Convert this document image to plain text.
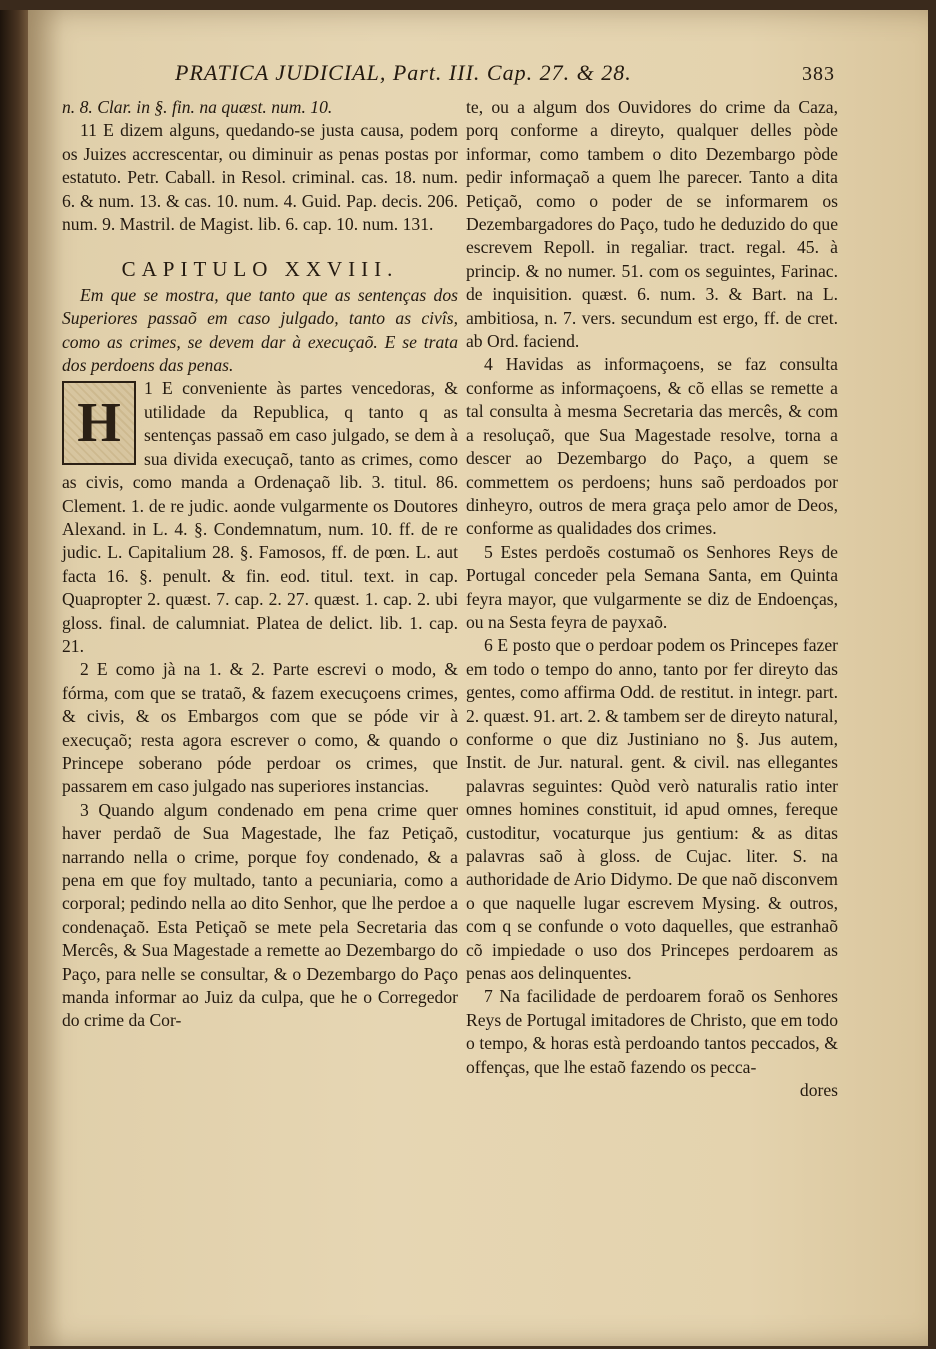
PRATICA JUDICIAL, Part. III. Cap. 27. & 28.	383

n. 8. Clar. in §. fin. na quæst. num. 10.

11 E dizem alguns, quedando-se justa causa, podem os Juizes accrescentar, ou diminuir as penas postas por estatuto. Petr. Caball. in Resol. criminal. cas. 18. num. 6. & num. 13. & cas. 10. num. 4. Guid. Pap. decis. 206. num. 9. Mastril. de Magist. lib. 6. cap. 10. num. 131.

CAPITULO XXVIII.

Em que se mostra, que tanto que as sentenças dos Superiores passaõ em caso julgado, tanto as civîs, como as crimes, se devem dar à execuçaõ. E se trata dos perdoens das penas.

H

1 E conveniente às partes vencedoras, & utilidade da Republica, q tanto q as sentenças passaõ em caso julgado, se dem à sua divida execuçaõ, tanto as crimes, como as civis, como manda a Ordenaçaõ lib. 3. titul. 86. Clement. 1. de re judic. aonde vulgarmente os Doutores Alexand. in L. 4. §. Condemnatum, num. 10. ff. de re judic. L. Capitalium 28. §. Famosos, ff. de pœn. L. aut facta 16. §. penult. & fin. eod. titul. text. in cap. Quapropter 2. quæst. 7. cap. 2. 27. quæst. 1. cap. 2. ubi gloss. final. de calumniat. Platea de delict. lib. 1. cap. 21.

2 E como jà na 1. & 2. Parte escrevi o modo, & fórma, com que se trataõ, & fazem execuçoens crimes, & civis, & os Embargos com que se póde vir à execuçaõ; resta agora escrever o como, & quando o Princepe soberano póde perdoar os crimes, que passarem em caso julgado nas superiores instancias.

3 Quando algum condenado em pena crime quer haver perdaõ de Sua Magestade, lhe faz Petiçaõ, narrando nella o crime, porque foy condenado, & a pena em que foy multado, tanto a pecuniaria, como a corporal; pedindo nella ao dito Senhor, que lhe perdoe a condenaçaõ. Esta Petiçaõ se mete pela Secretaria das Mercês, & Sua Magestade a remette ao Dezembargo do Paço, para nelle se consultar, & o Dezembargo do Paço manda informar ao Juiz da culpa, que he o Corregedor do crime da Cor-

te, ou a algum dos Ouvidores do crime da Caza, porq conforme a direyto, qualquer delles pòde informar, como tambem o dito Dezembargo pòde pedir informaçaõ a quem lhe parecer. Tanto a dita Petiçaõ, como o poder de se informarem os Dezembargadores do Paço, tudo he deduzido do que escrevem Repoll. in regaliar. tract. regal. 45. à princip. & no numer. 51. com os seguintes, Farinac. de inquisition. quæst. 6. num. 3. & Bart. na L. ambitiosa, n. 7. vers. secundum est ergo, ff. de cret. ab Ord. faciend.

4 Havidas as informaçoens, se faz consulta conforme as informaçoens, & cõ ellas se remette a tal consulta à mesma Secretaria das mercês, & com a resoluçaõ, que Sua Magestade resolve, torna a descer ao Dezembargo do Paço, a quem se commettem os perdoens; huns saõ perdoados por dinheyro, outros de mera graça pelo amor de Deos, conforme as qualidades dos crimes.

5 Estes perdoẽs costumaõ os Senhores Reys de Portugal conceder pela Semana Santa, em Quinta feyra mayor, que vulgarmente se diz de Endoenças, ou na Sesta feyra de payxaõ.

6 E posto que o perdoar podem os Princepes fazer em todo o tempo do anno, tanto por fer direyto das gentes, como affirma Odd. de restitut. in integr. part. 2. quæst. 91. art. 2. & tambem ser de direyto natural, conforme o que diz Justiniano no §. Jus autem, Instit. de Jur. natural. gent. & civil. nas ellegantes palavras seguintes: Quòd verò naturalis ratio inter omnes homines constituit, id apud omnes, fereque custoditur, vocaturque jus gentium: & as ditas palavras saõ à gloss. de Cujac. liter. S. na authoridade de Ario Didymo. De que naõ disconvem o que naquelle lugar escrevem Mysing. & outros, com q se confunde o voto daquelles, que estranhaõ cõ impiedade o uso dos Princepes perdoarem as penas aos delinquentes.

7 Na facilidade de perdoarem foraõ os Senhores Reys de Portugal imitadores de Christo, que em todo o tempo, & horas està perdoando tantos peccados, & offenças, que lhe estaõ fazendo os pecca-

dores
